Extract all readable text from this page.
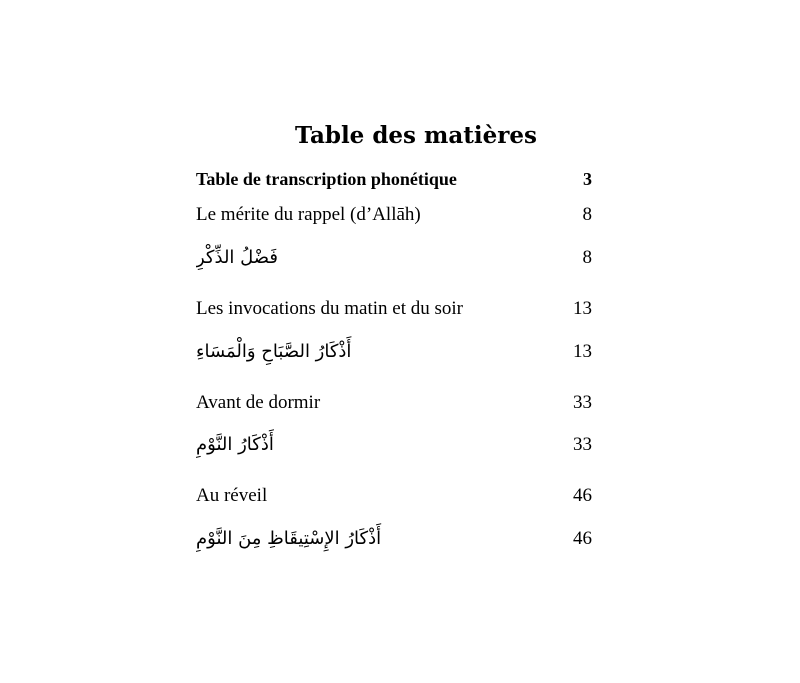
Table des matières
Table de transcription phonétique	3
Le mérite du rappel (d’Allāh)	8
فَضْلُ الذِّكْرِ	8
Les invocations du matin et du soir	13
أَذْكَارُ الصَّبَاحِ وَالْمَسَاءِ	13
Avant de dormir	33
أَذْكَارُ النَّوْمِ	33
Au réveil	46
أَذْكَارُ الإِسْتِيقَاظِ مِنَ النَّوْمِ	46
